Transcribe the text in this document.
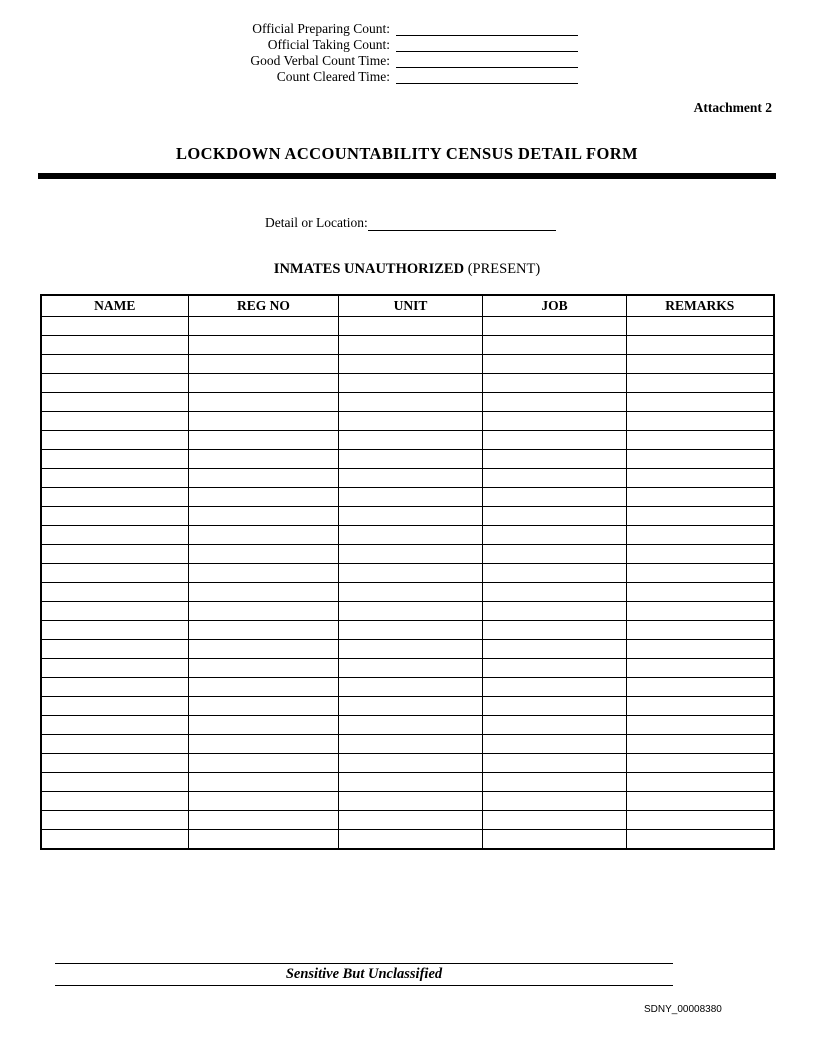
Official Preparing Count:
Official Taking Count:
Good Verbal Count Time:
Count Cleared Time:
Attachment 2
LOCKDOWN ACCOUNTABILITY CENSUS DETAIL FORM
Detail or Location:
INMATES UNAUTHORIZED (PRESENT)
NAME	REG NO	UNIT	JOB	REMARKS

Sensitive But Unclassified
SDNY_00008380
